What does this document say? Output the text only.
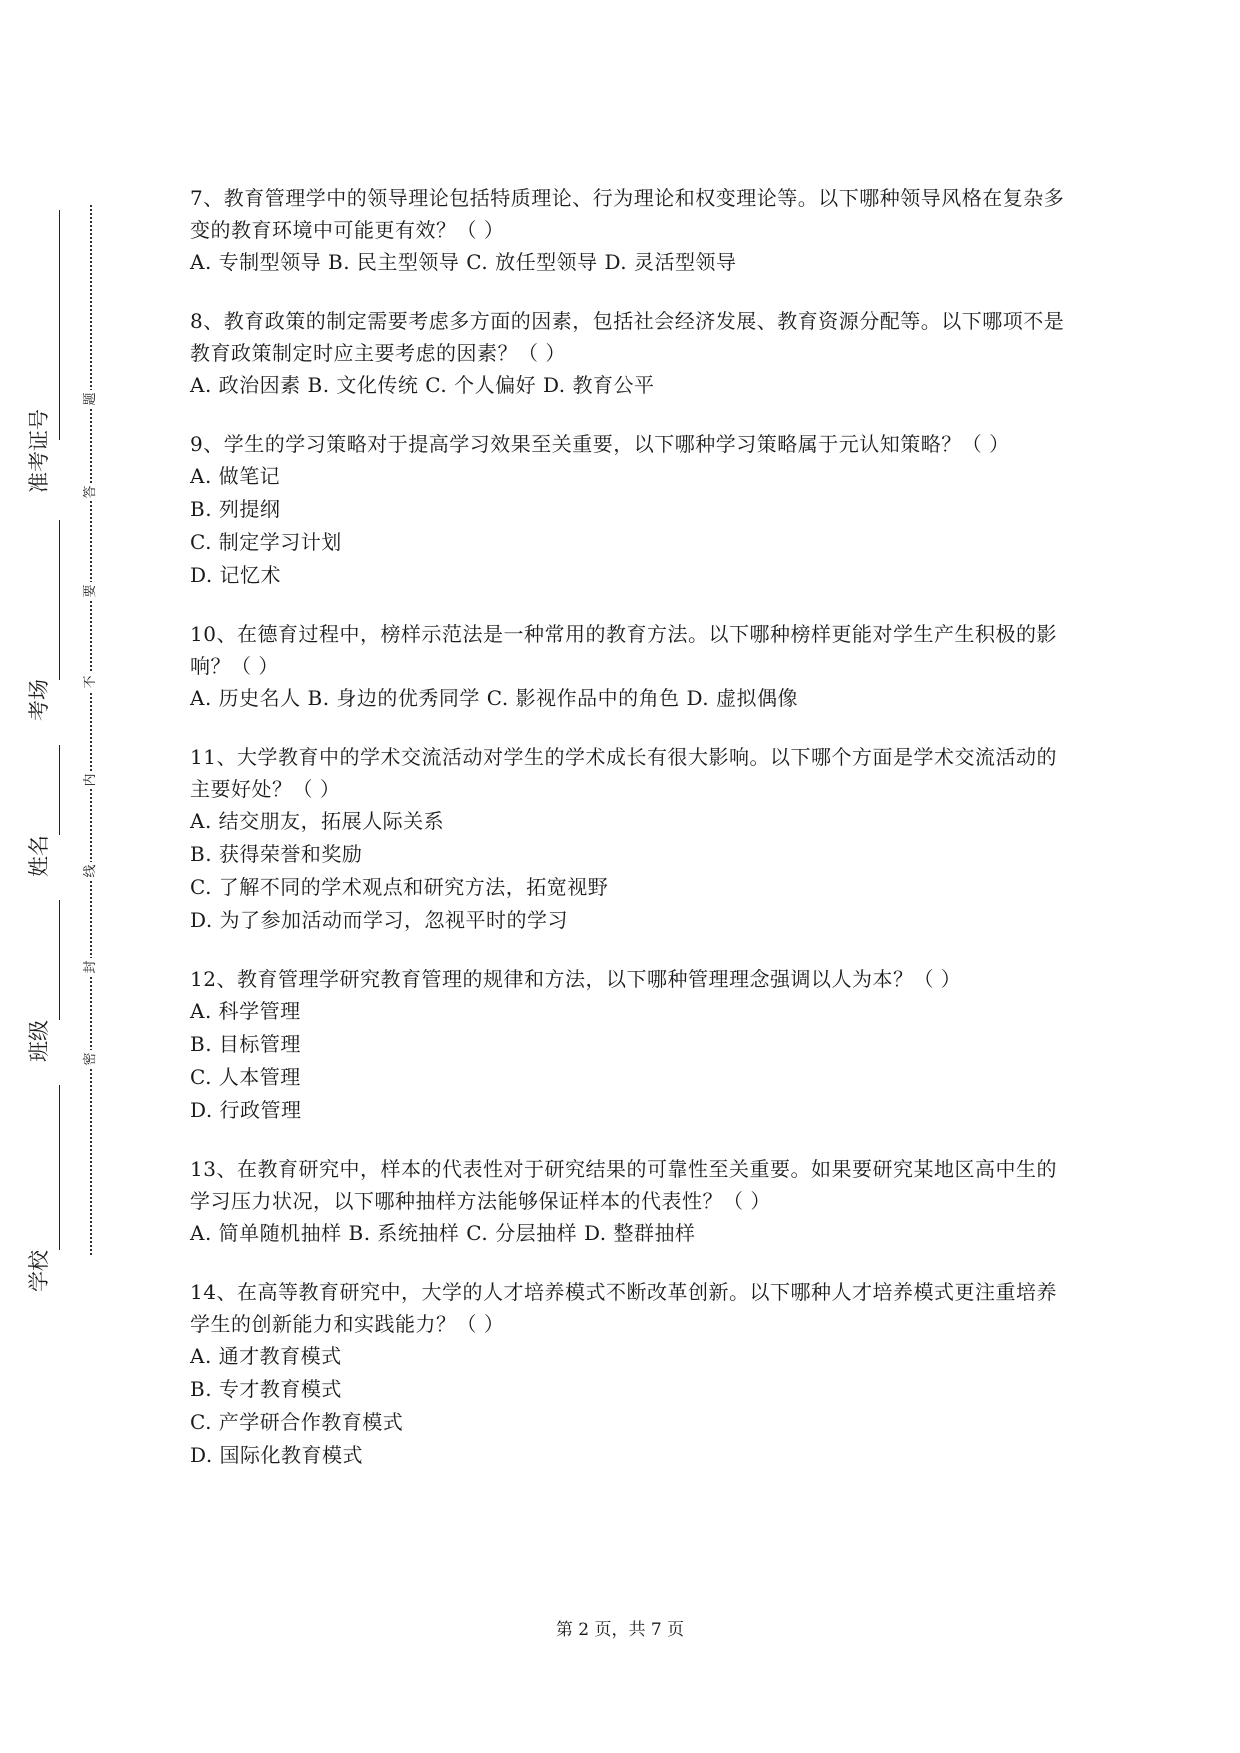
准考证号
考场
姓名
班级
学校
题
答
要
不
内
线
封
密
7、教育管理学中的领导理论包括特质理论、行为理论和权变理论等。以下哪种领导风格在复杂多变的教育环境中可能更有效？（ ）
A. 专制型领导 B. 民主型领导 C. 放任型领导 D. 灵活型领导
8、教育政策的制定需要考虑多方面的因素，包括社会经济发展、教育资源分配等。以下哪项不是教育政策制定时应主要考虑的因素？（ ）
A. 政治因素 B. 文化传统 C. 个人偏好 D. 教育公平
9、学生的学习策略对于提高学习效果至关重要，以下哪种学习策略属于元认知策略？（ ）
A. 做笔记
B. 列提纲
C. 制定学习计划
D. 记忆术
10、在德育过程中，榜样示范法是一种常用的教育方法。以下哪种榜样更能对学生产生积极的影响？（ ）
A. 历史名人 B. 身边的优秀同学 C. 影视作品中的角色 D. 虚拟偶像
11、大学教育中的学术交流活动对学生的学术成长有很大影响。以下哪个方面是学术交流活动的主要好处？（ ）
A. 结交朋友，拓展人际关系
B. 获得荣誉和奖励
C. 了解不同的学术观点和研究方法，拓宽视野
D. 为了参加活动而学习，忽视平时的学习
12、教育管理学研究教育管理的规律和方法，以下哪种管理理念强调以人为本？（ ）
A. 科学管理
B. 目标管理
C. 人本管理
D. 行政管理
13、在教育研究中，样本的代表性对于研究结果的可靠性至关重要。如果要研究某地区高中生的学习压力状况，以下哪种抽样方法能够保证样本的代表性？（ ）
A. 简单随机抽样 B. 系统抽样 C. 分层抽样 D. 整群抽样
14、在高等教育研究中，大学的人才培养模式不断改革创新。以下哪种人才培养模式更注重培养学生的创新能力和实践能力？（ ）
A. 通才教育模式
B. 专才教育模式
C. 产学研合作教育模式
D. 国际化教育模式
第 2 页，共 7 页
